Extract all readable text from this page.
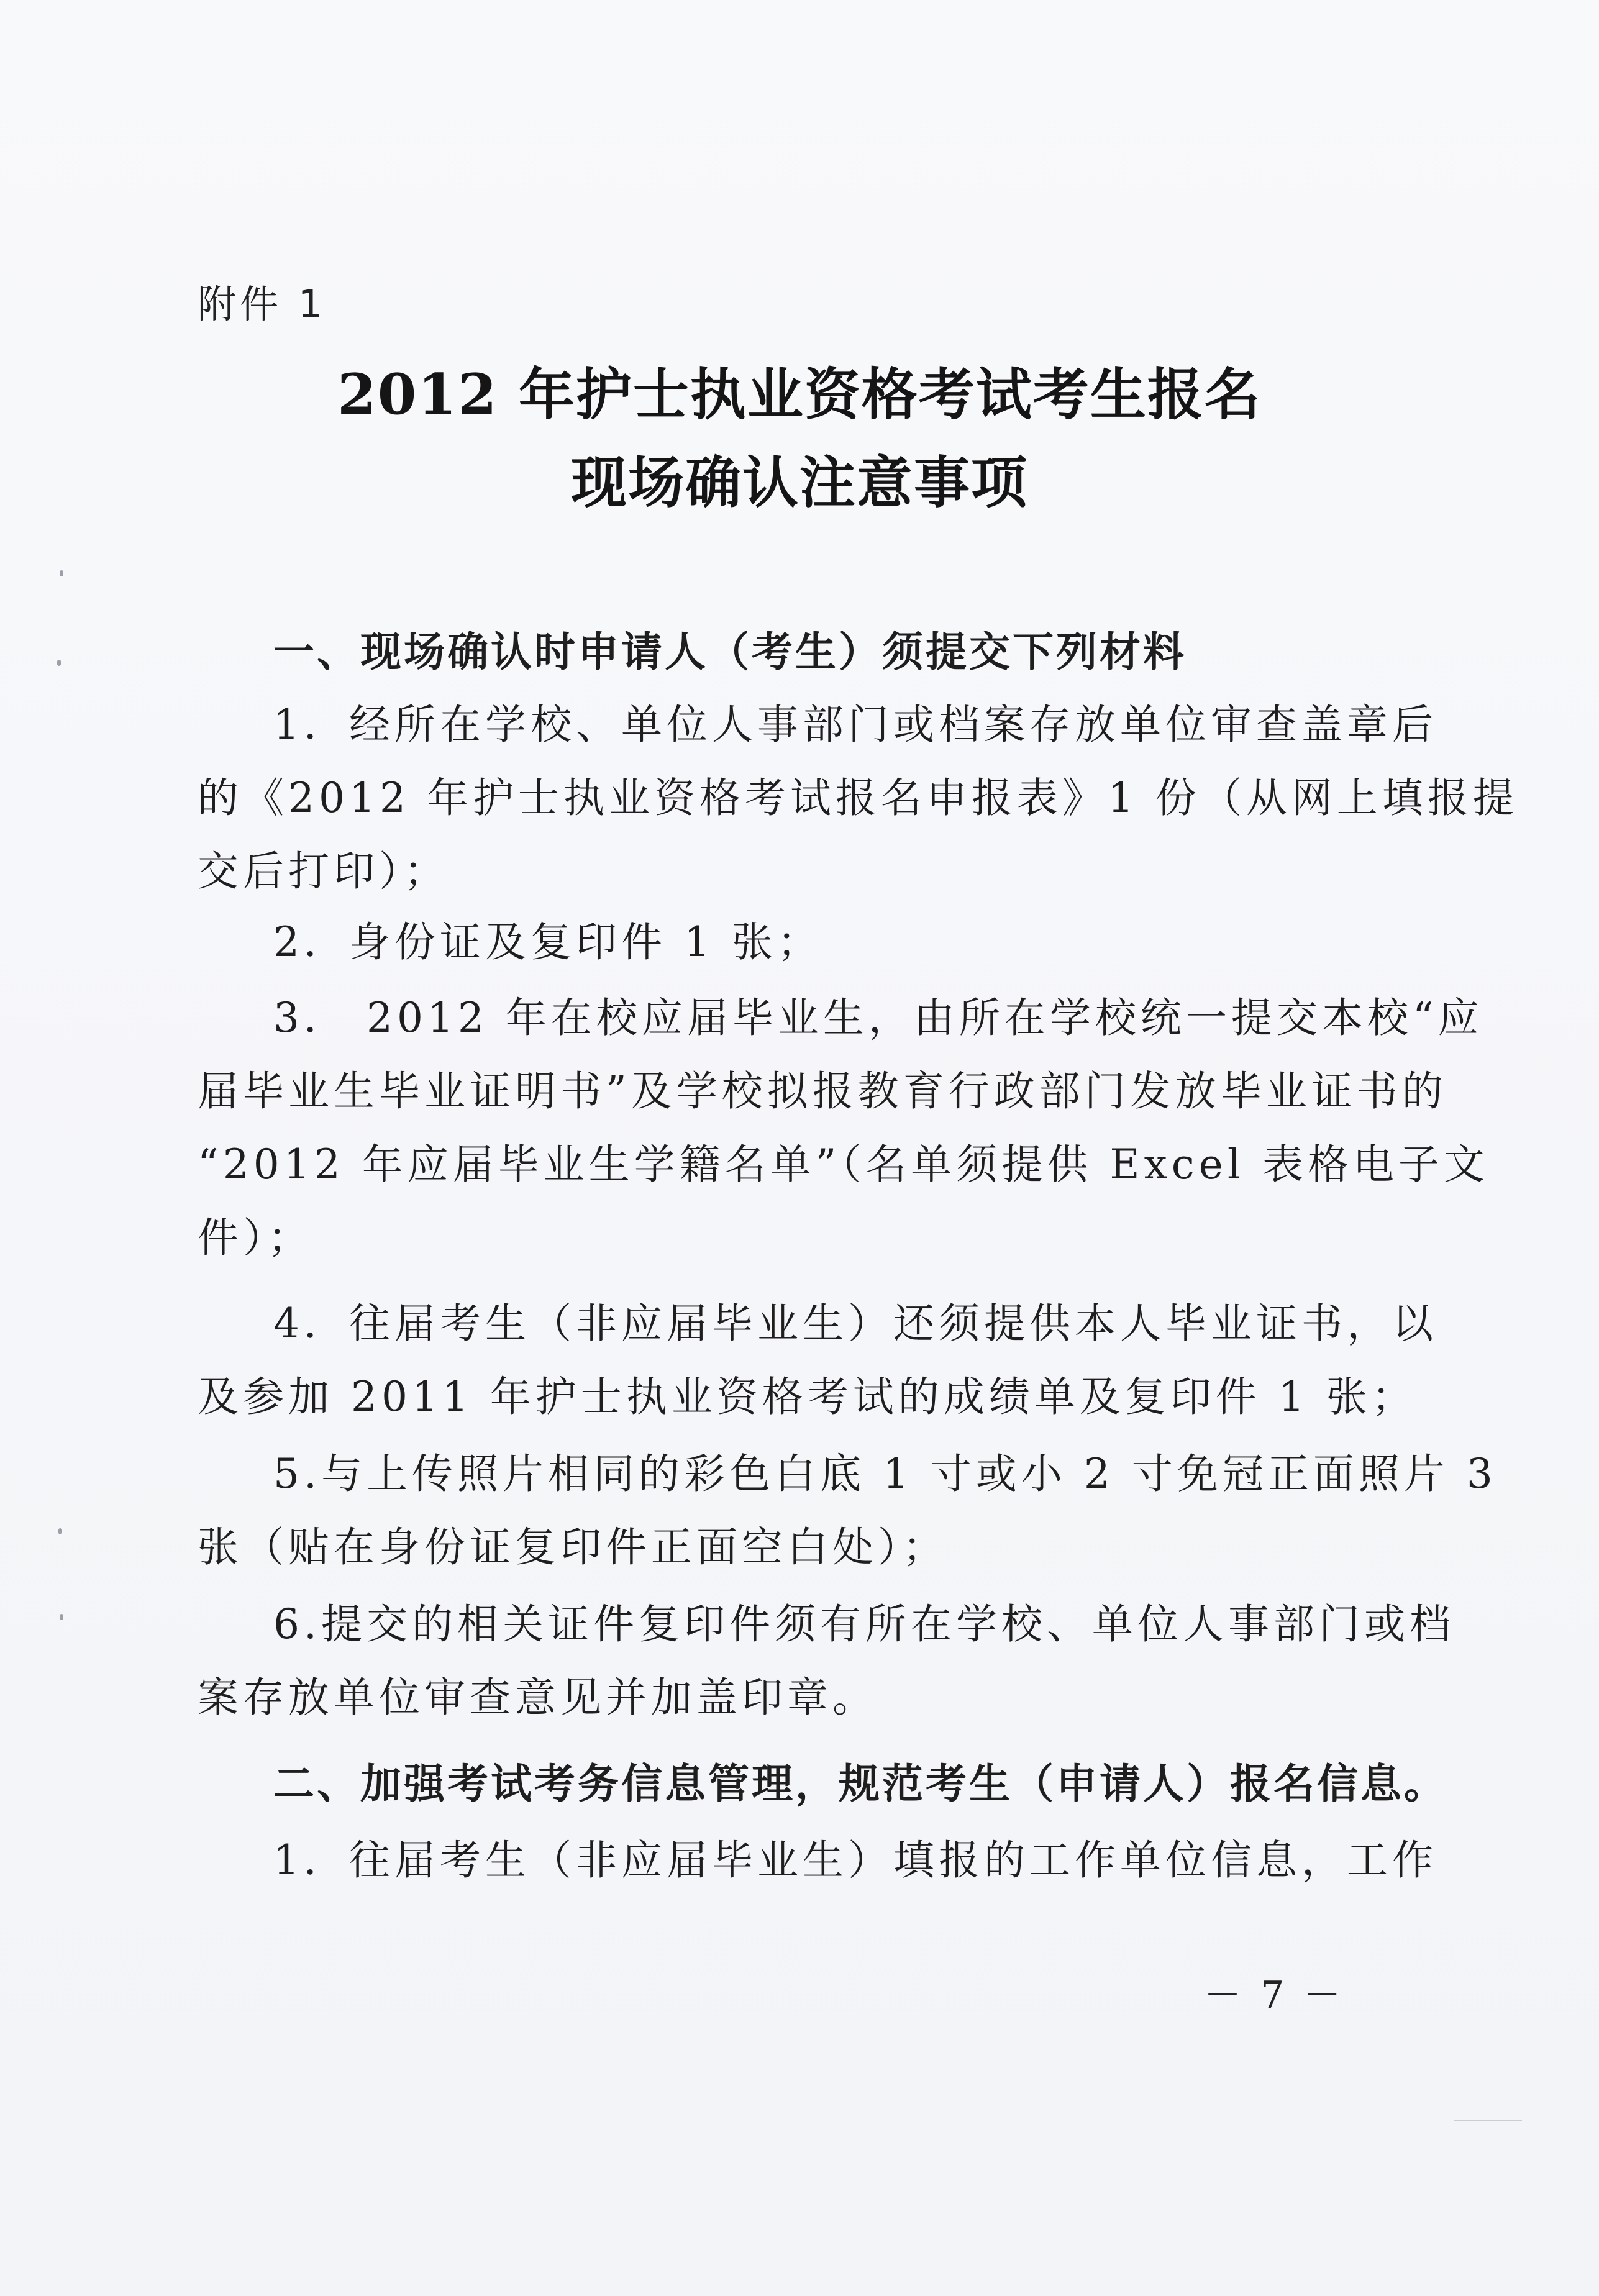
附件 1
2012 年护士执业资格考试考生报名
现场确认注意事项
一、现场确认时申请人（考生）须提交下列材料
1．经所在学校、单位人事部门或档案存放单位审查盖章后
的《2012 年护士执业资格考试报名申报表》1 份（从网上填报提
交后打印）；
2．身份证及复印件 1 张；
3． 2012 年在校应届毕业生，由所在学校统一提交本校“应
届毕业生毕业证明书”及学校拟报教育行政部门发放毕业证书的
“2012 年应届毕业生学籍名单”（名单须提供 Excel 表格电子文
件）；
4．往届考生（非应届毕业生）还须提供本人毕业证书，以
及参加 2011 年护士执业资格考试的成绩单及复印件 1 张；
5.与上传照片相同的彩色白底 1 寸或小 2 寸免冠正面照片 3
张（贴在身份证复印件正面空白处）；
6.提交的相关证件复印件须有所在学校、单位人事部门或档
案存放单位审查意见并加盖印章。
二、加强考试考务信息管理，规范考生（申请人）报名信息。
1．往届考生（非应届毕业生）填报的工作单位信息，工作
－ 7 －
